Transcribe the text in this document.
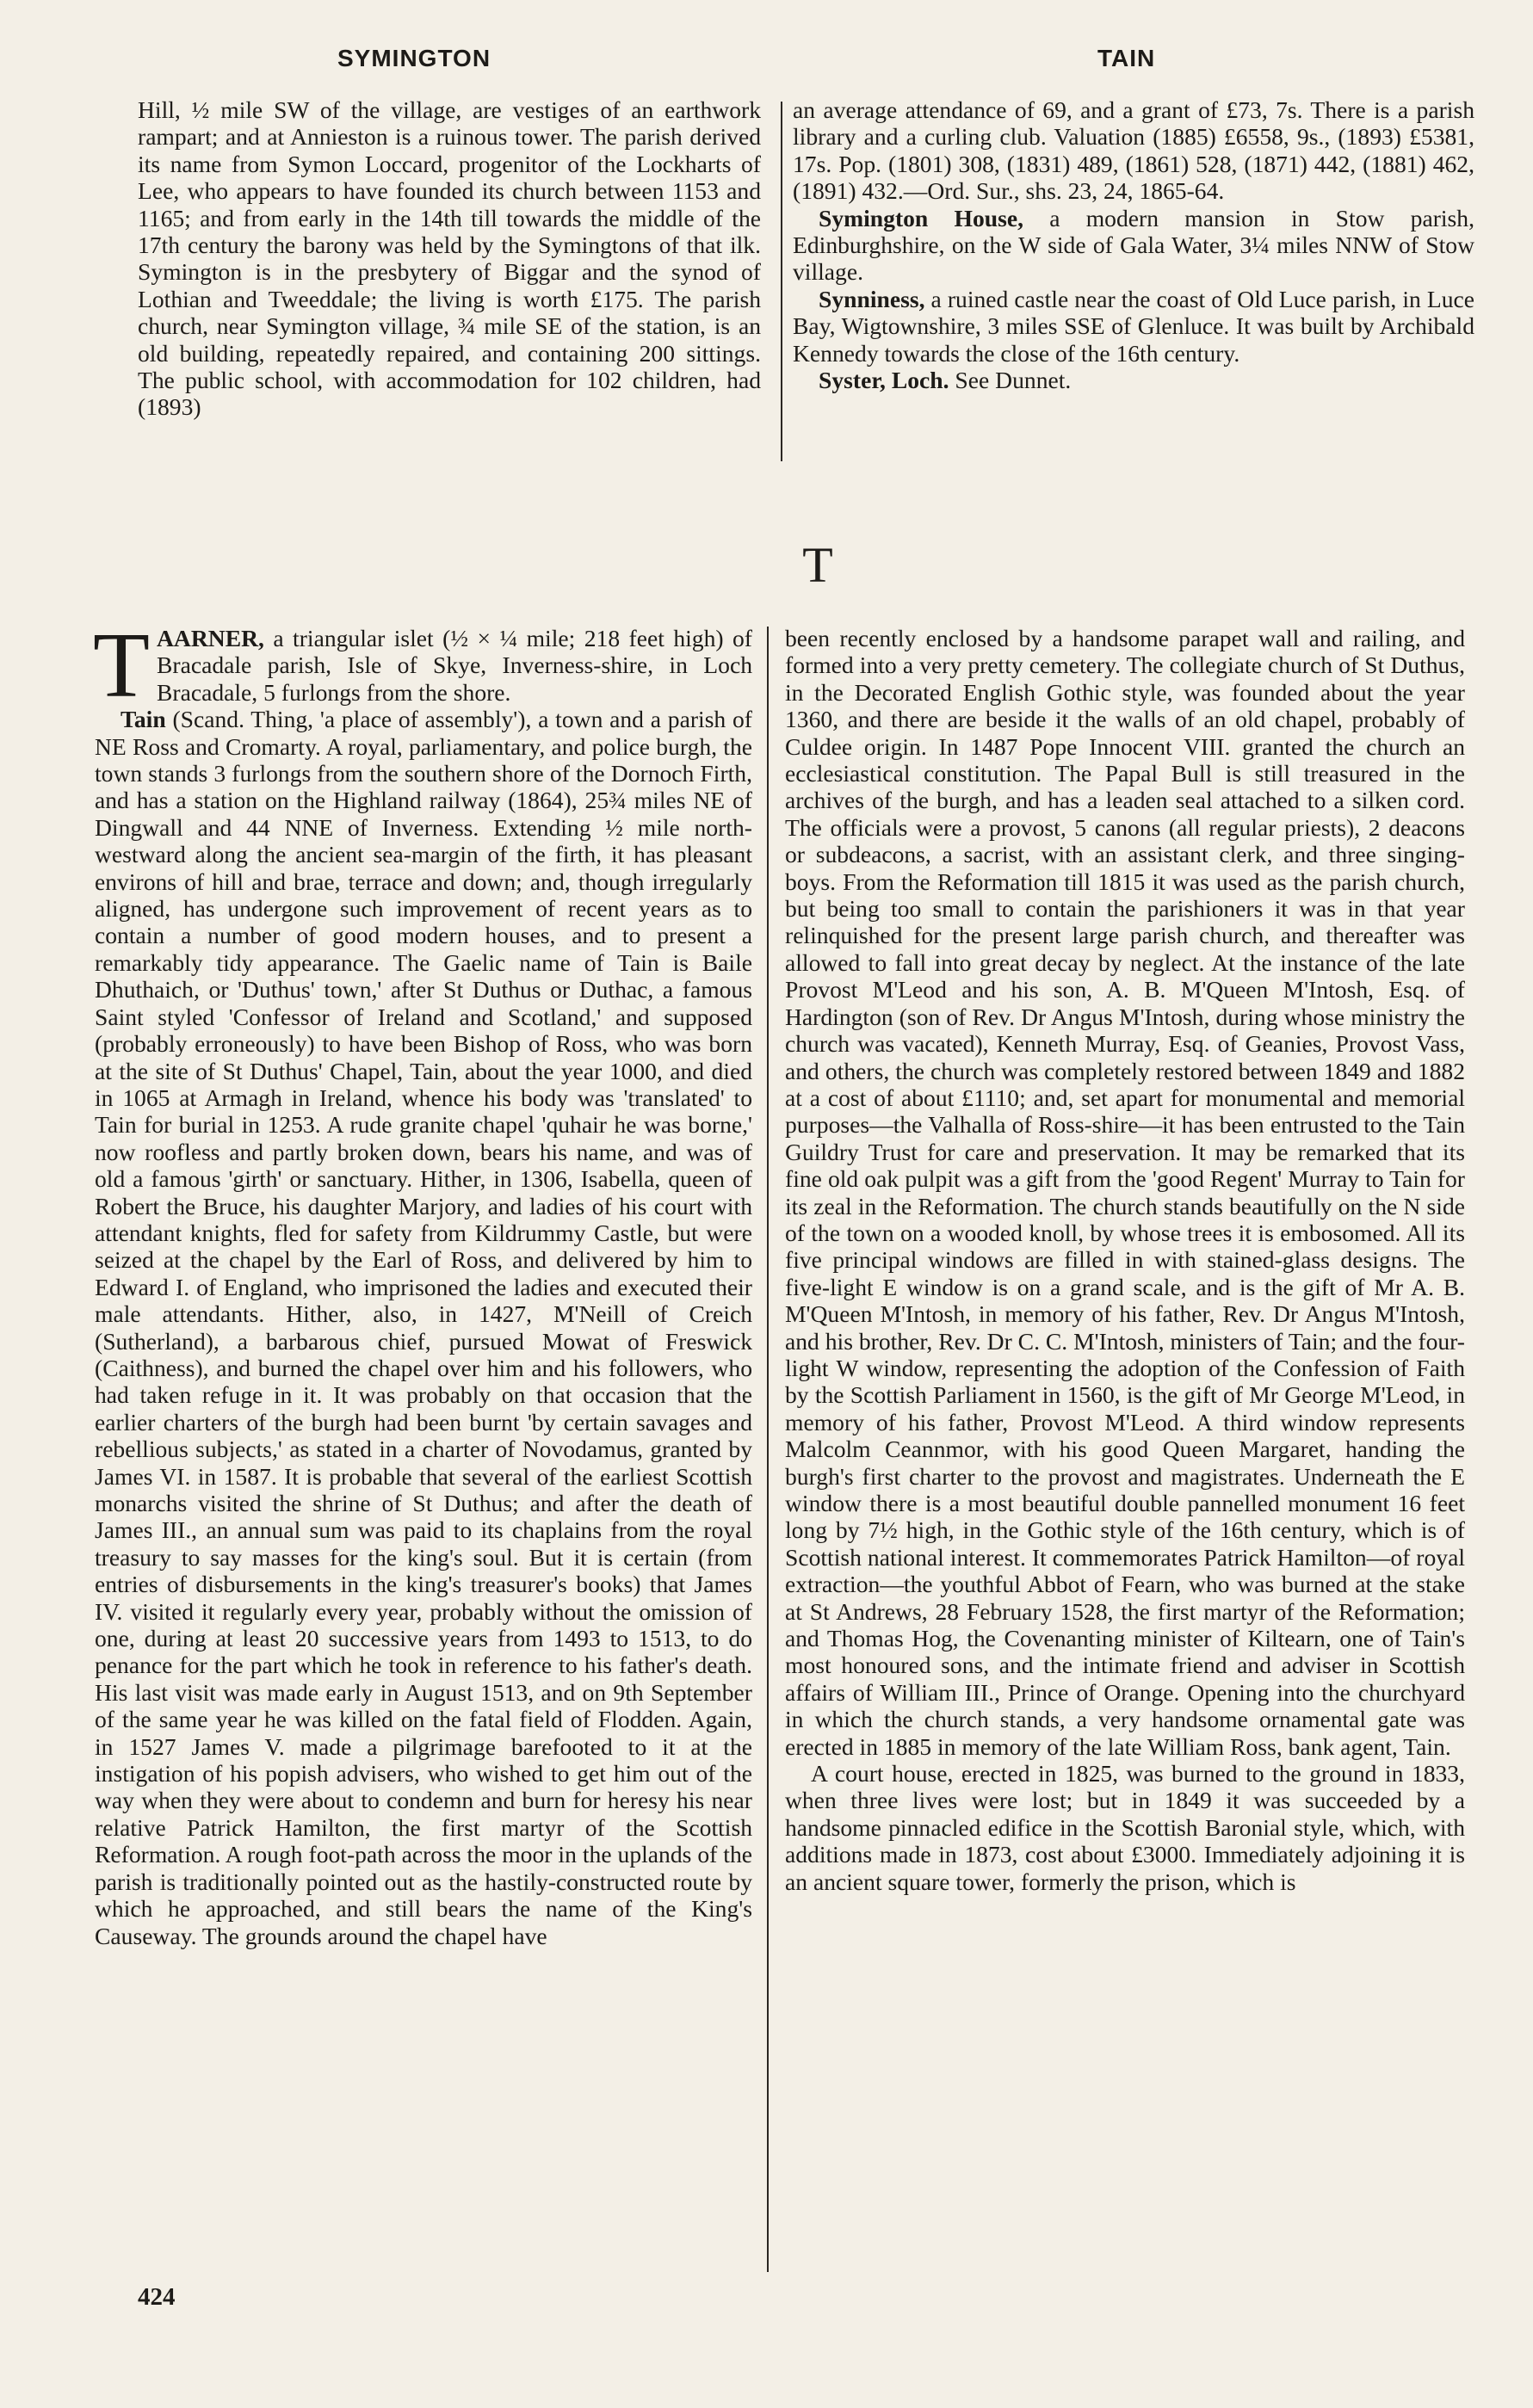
SYMINGTON	TAIN

Hill, ½ mile SW of the village, are vestiges of an earthwork rampart; and at Annieston is a ruinous tower. The parish derived its name from Symon Loccard, progenitor of the Lockharts of Lee, who appears to have founded its church between 1153 and 1165; and from early in the 14th till towards the middle of the 17th century the barony was held by the Symingtons of that ilk. Symington is in the presbytery of Biggar and the synod of Lothian and Tweeddale; the living is worth £175. The parish church, near Symington village, ¾ mile SE of the station, is an old building, repeatedly repaired, and containing 200 sittings. The public school, with accommodation for 102 children, had (1893)

an average attendance of 69, and a grant of £73, 7s. There is a parish library and a curling club. Valuation (1885) £6558, 9s., (1893) £5381, 17s. Pop. (1801) 308, (1831) 489, (1861) 528, (1871) 442, (1881) 462, (1891) 432.—Ord. Sur., shs. 23, 24, 1865-64.

Symington House, a modern mansion in Stow parish, Edinburghshire, on the W side of Gala Water, 3¼ miles NNW of Stow village.

Synniness, a ruined castle near the coast of Old Luce parish, in Luce Bay, Wigtownshire, 3 miles SSE of Glenluce. It was built by Archibald Kennedy towards the close of the 16th century.

Syster, Loch. See Dunnet.

T

TAARNER, a triangular islet (½ × ¼ mile; 218 feet high) of Bracadale parish, Isle of Skye, Inverness-shire, in Loch Bracadale, 5 furlongs from the shore.

Tain (Scand. Thing, 'a place of assembly'), a town and a parish of NE Ross and Cromarty. A royal, parliamentary, and police burgh, the town stands 3 furlongs from the southern shore of the Dornoch Firth, and has a station on the Highland railway (1864), 25¾ miles NE of Dingwall and 44 NNE of Inverness. Extending ½ mile north-westward along the ancient sea-margin of the firth, it has pleasant environs of hill and brae, terrace and down; and, though irregularly aligned, has undergone such improvement of recent years as to contain a number of good modern houses, and to present a remarkably tidy appearance. The Gaelic name of Tain is Baile Dhuthaich, or 'Duthus' town,' after St Duthus or Duthac, a famous Saint styled 'Confessor of Ireland and Scotland,' and supposed (probably erroneously) to have been Bishop of Ross, who was born at the site of St Duthus' Chapel, Tain, about the year 1000, and died in 1065 at Armagh in Ireland, whence his body was 'translated' to Tain for burial in 1253. A rude granite chapel 'quhair he was borne,' now roofless and partly broken down, bears his name, and was of old a famous 'girth' or sanctuary. Hither, in 1306, Isabella, queen of Robert the Bruce, his daughter Marjory, and ladies of his court with attendant knights, fled for safety from Kildrummy Castle, but were seized at the chapel by the Earl of Ross, and delivered by him to Edward I. of England, who imprisoned the ladies and executed their male attendants. Hither, also, in 1427, M'Neill of Creich (Sutherland), a barbarous chief, pursued Mowat of Freswick (Caithness), and burned the chapel over him and his followers, who had taken refuge in it. It was probably on that occasion that the earlier charters of the burgh had been burnt 'by certain savages and rebellious subjects,' as stated in a charter of Novodamus, granted by James VI. in 1587. It is probable that several of the earliest Scottish monarchs visited the shrine of St Duthus; and after the death of James III., an annual sum was paid to its chaplains from the royal treasury to say masses for the king's soul. But it is certain (from entries of disbursements in the king's treasurer's books) that James IV. visited it regularly every year, probably without the omission of one, during at least 20 successive years from 1493 to 1513, to do penance for the part which he took in reference to his father's death. His last visit was made early in August 1513, and on 9th September of the same year he was killed on the fatal field of Flodden. Again, in 1527 James V. made a pilgrimage barefooted to it at the instigation of his popish advisers, who wished to get him out of the way when they were about to condemn and burn for heresy his near relative Patrick Hamilton, the first martyr of the Scottish Reformation. A rough foot-path across the moor in the uplands of the parish is traditionally pointed out as the hastily-constructed route by which he approached, and still bears the name of the King's Causeway. The grounds around the chapel have

been recently enclosed by a handsome parapet wall and railing, and formed into a very pretty cemetery. The collegiate church of St Duthus, in the Decorated English Gothic style, was founded about the year 1360, and there are beside it the walls of an old chapel, probably of Culdee origin. In 1487 Pope Innocent VIII. granted the church an ecclesiastical constitution. The Papal Bull is still treasured in the archives of the burgh, and has a leaden seal attached to a silken cord. The officials were a provost, 5 canons (all regular priests), 2 deacons or subdeacons, a sacrist, with an assistant clerk, and three singing-boys. From the Reformation till 1815 it was used as the parish church, but being too small to contain the parishioners it was in that year relinquished for the present large parish church, and thereafter was allowed to fall into great decay by neglect. At the instance of the late Provost M'Leod and his son, A. B. M'Queen M'Intosh, Esq. of Hardington (son of Rev. Dr Angus M'Intosh, during whose ministry the church was vacated), Kenneth Murray, Esq. of Geanies, Provost Vass, and others, the church was completely restored between 1849 and 1882 at a cost of about £1110; and, set apart for monumental and memorial purposes—the Valhalla of Ross-shire—it has been entrusted to the Tain Guildry Trust for care and preservation. It may be remarked that its fine old oak pulpit was a gift from the 'good Regent' Murray to Tain for its zeal in the Reformation. The church stands beautifully on the N side of the town on a wooded knoll, by whose trees it is embosomed. All its five principal windows are filled in with stained-glass designs. The five-light E window is on a grand scale, and is the gift of Mr A. B. M'Queen M'Intosh, in memory of his father, Rev. Dr Angus M'Intosh, and his brother, Rev. Dr C. C. M'Intosh, ministers of Tain; and the four-light W window, representing the adoption of the Confession of Faith by the Scottish Parliament in 1560, is the gift of Mr George M'Leod, in memory of his father, Provost M'Leod. A third window represents Malcolm Ceannmor, with his good Queen Margaret, handing the burgh's first charter to the provost and magistrates. Underneath the E window there is a most beautiful double pannelled monument 16 feet long by 7½ high, in the Gothic style of the 16th century, which is of Scottish national interest. It commemorates Patrick Hamilton—of royal extraction—the youthful Abbot of Fearn, who was burned at the stake at St Andrews, 28 February 1528, the first martyr of the Reformation; and Thomas Hog, the Covenanting minister of Kiltearn, one of Tain's most honoured sons, and the intimate friend and adviser in Scottish affairs of William III., Prince of Orange. Opening into the churchyard in which the church stands, a very handsome ornamental gate was erected in 1885 in memory of the late William Ross, bank agent, Tain.

A court house, erected in 1825, was burned to the ground in 1833, when three lives were lost; but in 1849 it was succeeded by a handsome pinnacled edifice in the Scottish Baronial style, which, with additions made in 1873, cost about £3000. Immediately adjoining it is an ancient square tower, formerly the prison, which is

424
